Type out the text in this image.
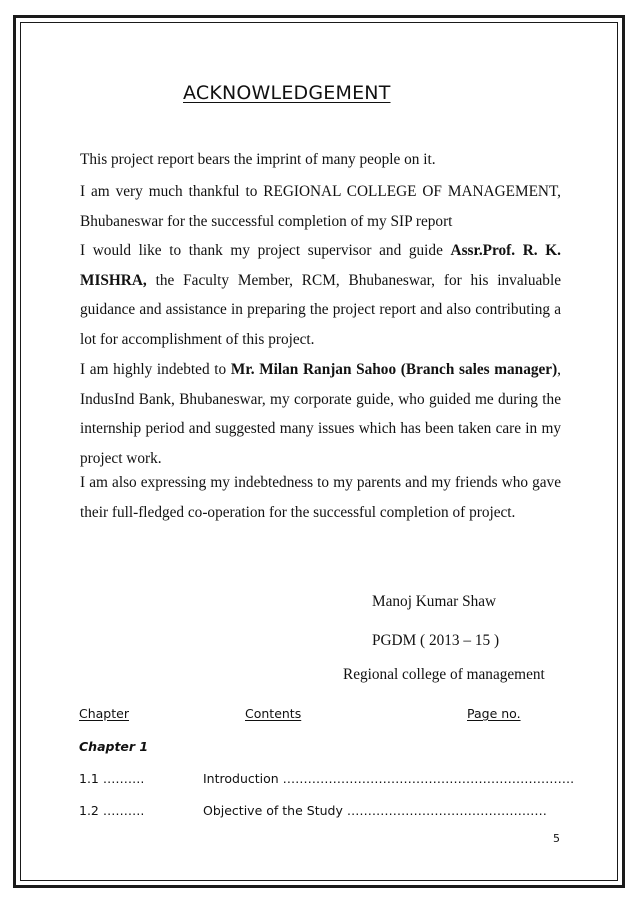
ACKNOWLEDGEMENT

This project report bears the imprint of many people on it.

I am very much thankful to REGIONAL COLLEGE OF MANAGEMENT, Bhubaneswar for the successful completion of my SIP report

I would like to thank my project supervisor and guide Assr.Prof. R. K. MISHRA, the Faculty Member, RCM, Bhubaneswar, for his invaluable guidance and assistance in preparing the project report and also contributing a lot for accomplishment of this project.

I am highly indebted to Mr. Milan Ranjan Sahoo (Branch sales manager), IndusInd Bank, Bhubaneswar, my corporate guide, who guided me during the internship period and suggested many issues which has been taken care in my project work.

I am also expressing my indebtedness to my parents and my friends who gave their full-fledged co-operation for the successful completion of project.

Manoj Kumar Shaw

PGDM ( 2013 – 15 )

Regional college of management

Chapter	Contents	Page no.

Chapter 1

1.1 ……….	Introduction …………………………………………………………….

1.2 ……….	Objective of the Study …………………………………………

5
